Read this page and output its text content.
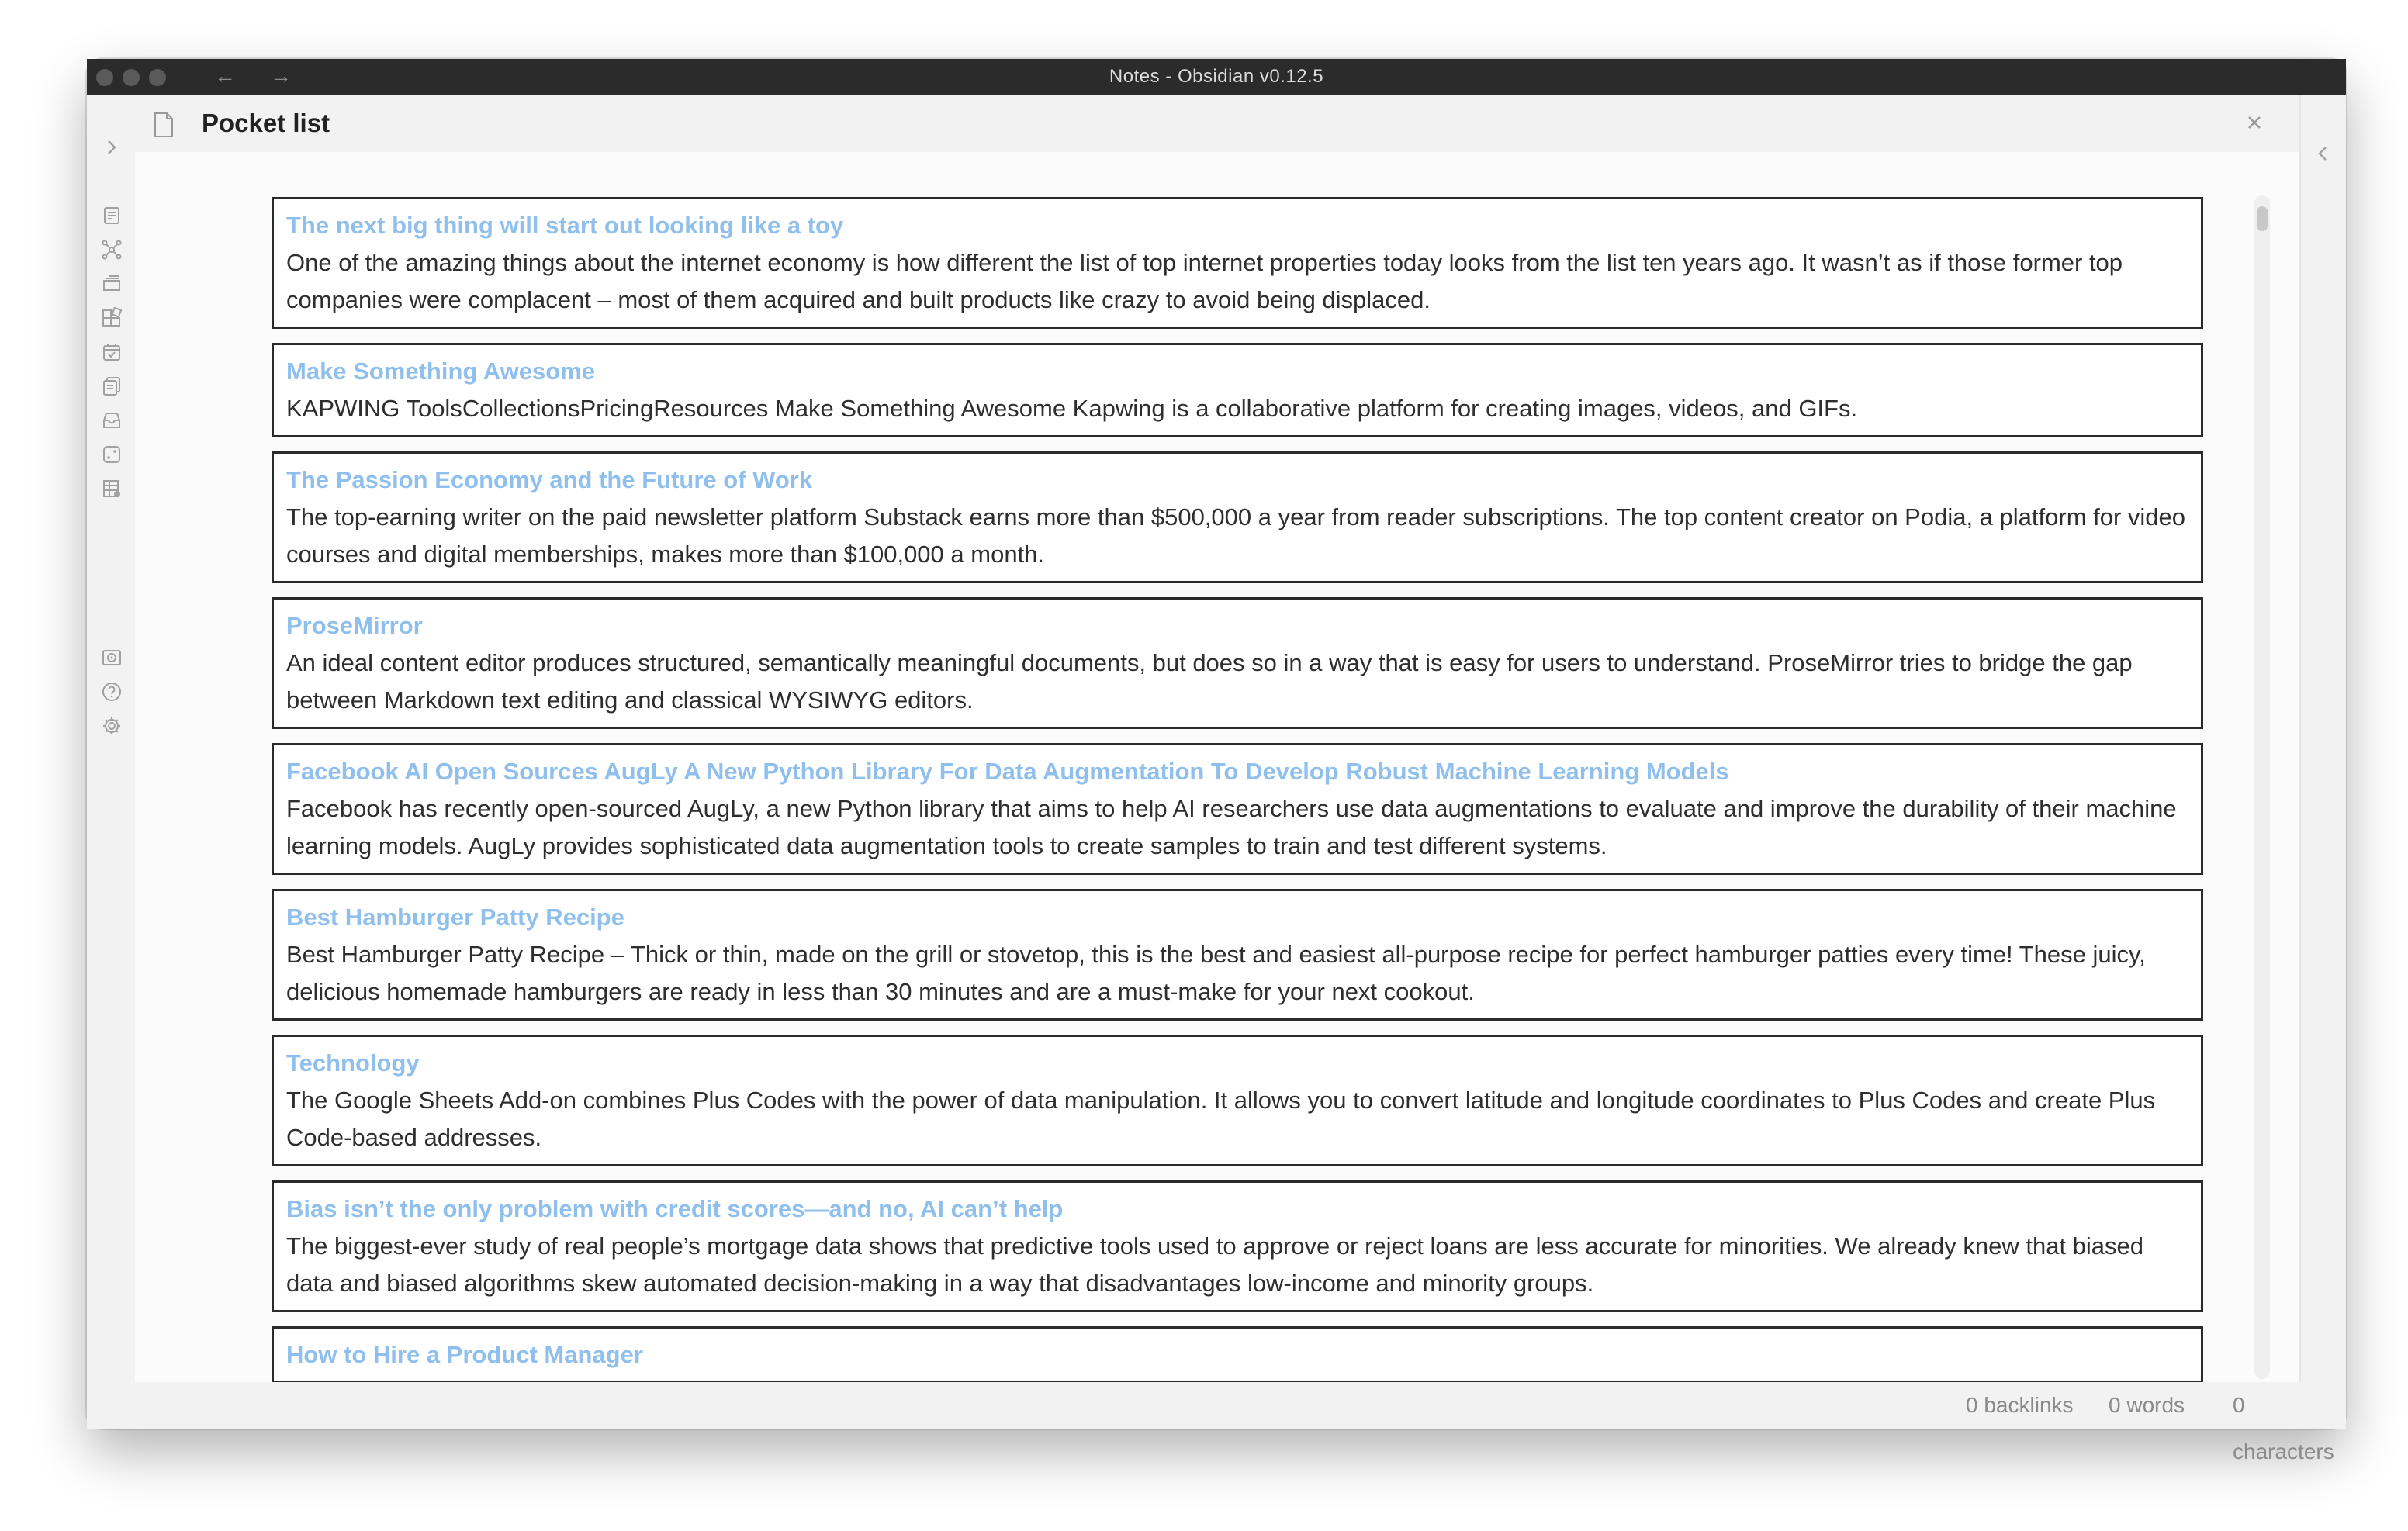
← →	Notes - Obsidian v0.12.5
Pocket list
The next big thing will start out looking like a toy
One of the amazing things about the internet economy is how different the list of top internet properties today looks from the list ten years ago. It wasn’t as if those former top companies were complacent – most of them acquired and built products like crazy to avoid being displaced.
Make Something Awesome
KAPWING ToolsCollectionsPricingResources Make Something Awesome Kapwing is a collaborative platform for creating images, videos, and GIFs.
The Passion Economy and the Future of Work
The top-earning writer on the paid newsletter platform Substack earns more than $500,000 a year from reader subscriptions. The top content creator on Podia, a platform for video courses and digital memberships, makes more than $100,000 a month.
ProseMirror
An ideal content editor produces structured, semantically meaningful documents, but does so in a way that is easy for users to understand. ProseMirror tries to bridge the gap between Markdown text editing and classical WYSIWYG editors.
Facebook AI Open Sources AugLy A New Python Library For Data Augmentation To Develop Robust Machine Learning Models
Facebook has recently open-sourced AugLy, a new Python library that aims to help AI researchers use data augmentations to evaluate and improve the durability of their machine learning models. AugLy provides sophisticated data augmentation tools to create samples to train and test different systems.
Best Hamburger Patty Recipe
Best Hamburger Patty Recipe – Thick or thin, made on the grill or stovetop, this is the best and easiest all-purpose recipe for perfect hamburger patties every time! These juicy, delicious homemade hamburgers are ready in less than 30 minutes and are a must-make for your next cookout.
Technology
The Google Sheets Add-on combines Plus Codes with the power of data manipulation. It allows you to convert latitude and longitude coordinates to Plus Codes and create Plus Code-based addresses.
Bias isn’t the only problem with credit scores—and no, AI can’t help
The biggest-ever study of real people’s mortgage data shows that predictive tools used to approve or reject loans are less accurate for minorities. We already knew that biased data and biased algorithms skew automated decision-making in a way that disadvantages low-income and minority groups.
How to Hire a Product Manager
0 backlinks 0 words 0 characters
